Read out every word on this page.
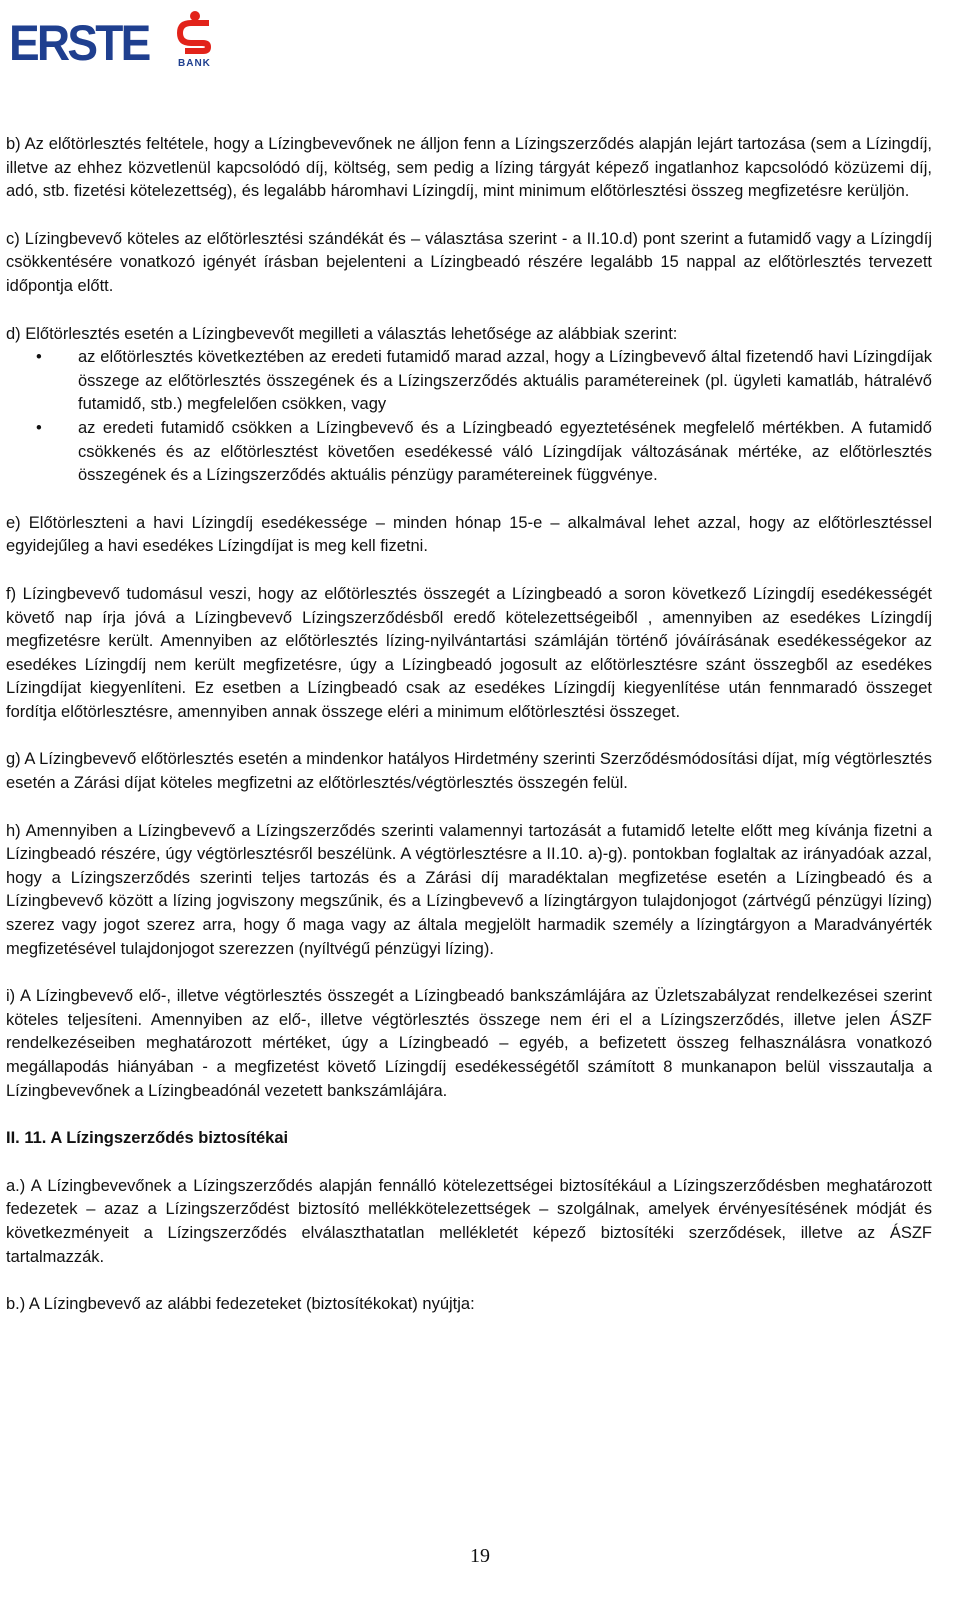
ERSTE	BANK

b) Az előtörlesztés feltétele, hogy a Lízingbevevőnek ne álljon fenn a Lízingszerződés alapján lejárt tartozása (sem a Lízingdíj, illetve az ehhez közvetlenül kapcsolódó díj, költség, sem pedig a lízing tárgyát képező ingatlanhoz kapcsolódó közüzemi díj, adó, stb. fizetési kötelezettség), és legalább háromhavi Lízingdíj, mint minimum előtörlesztési összeg megfizetésre kerüljön.

c) Lízingbevevő köteles az előtörlesztési szándékát és – választása szerint - a II.10.d) pont szerint a futamidő vagy a Lízingdíj csökkentésére vonatkozó igényét írásban bejelenteni a Lízingbeadó részére legalább 15 nappal az előtörlesztés tervezett időpontja előtt.

d) Előtörlesztés esetén a Lízingbevevőt megilleti a választás lehetősége az alábbiak szerint:

• az előtörlesztés következtében az eredeti futamidő marad azzal, hogy a Lízingbevevő által fizetendő havi Lízingdíjak összege az előtörlesztés összegének és a Lízingszerződés aktuális paramétereinek (pl. ügyleti kamatláb, hátralévő futamidő, stb.) megfelelően csökken, vagy
• az eredeti futamidő csökken a Lízingbevevő és a Lízingbeadó egyeztetésének megfelelő mértékben. A futamidő csökkenés és az előtörlesztést követően esedékessé váló Lízingdíjak változásának mértéke, az előtörlesztés összegének és a Lízingszerződés aktuális pénzügy paramétereinek függvénye.

e) Előtörleszteni a havi Lízingdíj esedékessége – minden hónap 15-e – alkalmával lehet azzal, hogy az előtörlesztéssel egyidejűleg a havi esedékes Lízingdíjat is meg kell fizetni.

f) Lízingbevevő tudomásul veszi, hogy az előtörlesztés összegét a Lízingbeadó a soron következő Lízingdíj esedékességét követő nap írja jóvá a Lízingbevevő Lízingszerződésből eredő kötelezettségeiből , amennyiben az esedékes Lízingdíj megfizetésre került. Amennyiben az előtörlesztés lízing-nyilvántartási számláján történő jóváírásának esedékességekor az esedékes Lízingdíj nem került megfizetésre, úgy a Lízingbeadó jogosult az előtörlesztésre szánt összegből az esedékes Lízingdíjat kiegyenlíteni. Ez esetben a Lízingbeadó csak az esedékes Lízingdíj kiegyenlítése után fennmaradó összeget fordítja előtörlesztésre, amennyiben annak összege eléri a minimum előtörlesztési összeget.

g) A Lízingbevevő előtörlesztés esetén a mindenkor hatályos Hirdetmény szerinti Szerződésmódosítási díjat, míg végtörlesztés esetén a Zárási díjat köteles megfizetni az előtörlesztés/végtörlesztés összegén felül.

h) Amennyiben a Lízingbevevő a Lízingszerződés szerinti valamennyi tartozását a futamidő letelte előtt meg kívánja fizetni a Lízingbeadó részére, úgy végtörlesztésről beszélünk. A végtörlesztésre a II.10. a)-g). pontokban foglaltak az irányadóak azzal, hogy a Lízingszerződés szerinti teljes tartozás és a Zárási díj maradéktalan megfizetése esetén a Lízingbeadó és a Lízingbevevő között a lízing jogviszony megszűnik, és a Lízingbevevő a lízingtárgyon tulajdonjogot (zártvégű pénzügyi lízing) szerez vagy jogot szerez arra, hogy ő maga vagy az általa megjelölt harmadik személy a lízingtárgyon a Maradványérték megfizetésével tulajdonjogot szerezzen (nyíltvégű pénzügyi lízing).

i) A Lízingbevevő elő-, illetve végtörlesztés összegét a Lízingbeadó bankszámlájára az Üzletszabályzat rendelkezései szerint köteles teljesíteni. Amennyiben az elő-, illetve végtörlesztés összege nem éri el a Lízingszerződés, illetve jelen ÁSZF rendelkezéseiben meghatározott mértéket, úgy a Lízingbeadó – egyéb, a befizetett összeg felhasználásra vonatkozó megállapodás hiányában - a megfizetést követő Lízingdíj esedékességétől számított 8 munkanapon belül visszautalja a Lízingbevevőnek a Lízingbeadónál vezetett bankszámlájára.

II. 11. A Lízingszerződés biztosítékai

a.) A Lízingbevevőnek a Lízingszerződés alapján fennálló kötelezettségei biztosítékául a Lízingszerződésben meghatározott fedezetek – azaz a Lízingszerződést biztosító mellékkötelezettségek – szolgálnak, amelyek érvényesítésének módját és következményeit a Lízingszerződés elválaszthatatlan mellékletét képező biztosítéki szerződések, illetve az ÁSZF tartalmazzák.

b.) A Lízingbevevő az alábbi fedezeteket (biztosítékokat) nyújtja:

19
